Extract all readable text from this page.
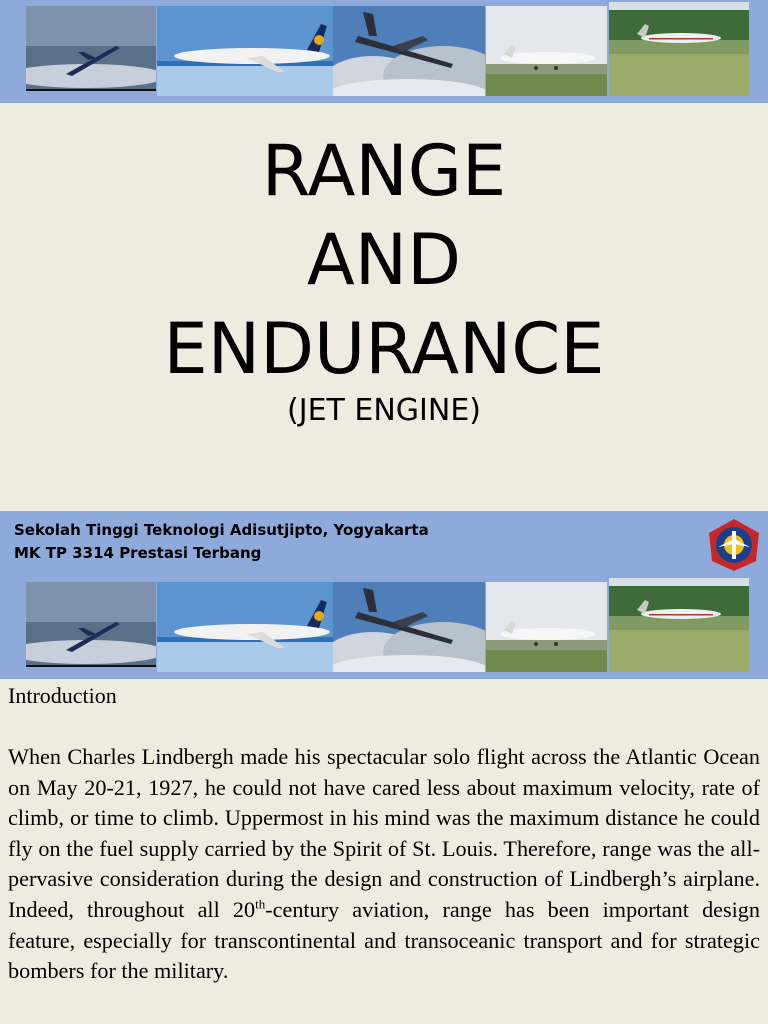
RANGE
AND
ENDURANCE
(JET ENGINE)
Sekolah Tinggi Teknologi Adisutjipto, Yogyakarta
MK TP 3314 Prestasi Terbang
Introduction

When Charles Lindbergh made his spectacular solo flight across the Atlantic Ocean on May 20-21, 1927, he could not have cared less about maximum velocity, rate of climb, or time to climb. Uppermost in his mind was the maximum distance he could fly on the fuel supply carried by the Spirit of St. Louis. Therefore, range was the all-pervasive consideration during the design and construction of Lindbergh’s airplane. Indeed, throughout all 20th-century aviation, range has been important design feature, especially for transcontinental and transoceanic transport and for strategic bombers for the military.
